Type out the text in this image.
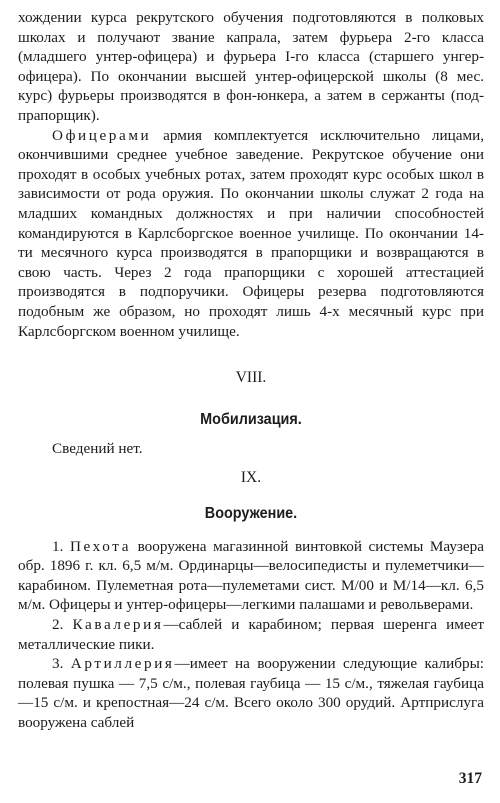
хождении курса рекрутского обучения подготовляются в полковых школах и получают звание капрала, затем фурьера 2-го класса (младшего унтер-офицера) и фурьера I-го класса (старшего унгер-офицера). По окончании высшей унтер-офицерской школы (8 мес. курс) фурьеры производятся в фон-юнкера, а затем в сержанты (под-прапорщик).

Офицерами армия комплектуется исключительно лицами, окончившими среднее учебное заведение. Рекрутское обучение они проходят в особых учебных ротах, затем проходят курс особых школ в зависимости от рода оружия. По окончании школы служат 2 года на младших командных должностях и при наличии способностей командируются в Карлсборгское военное училище. По окончании 14-ти месячного курса производятся в прапорщики и возвращаются в свою часть. Через 2 года прапорщики с хорошей аттестацией производятся в подпоручики. Офицеры резерва подготовляются подобным же образом, но проходят лишь 4-х месячный курс при Карлсборгском военном училище.

VIII.

Мобилизация.

Сведений нет.

IX.

Вооружение.

1. Пехота вооружена магазинной винтовкой системы Маузера обр. 1896 г. кл. 6,5 м/м. Ординарцы—велосипедисты и пулеметчики—карабином. Пулеметная рота—пулеметами сист. М/00 и М/14—кл. 6,5 м/м. Офицеры и унтер-офицеры—легкими палашами и револьверами.

2. Кавалерия—саблей и карабином; первая шеренга имеет металлические пики.

3. Артиллерия—имеет на вооружении следующие калибры: полевая пушка — 7,5 с/м., полевая гаубица — 15 с/м., тяжелая гаубица—15 с/м. и крепостная—24 с/м. Всего около 300 орудий. Артприслуга вооружена саблей

317
